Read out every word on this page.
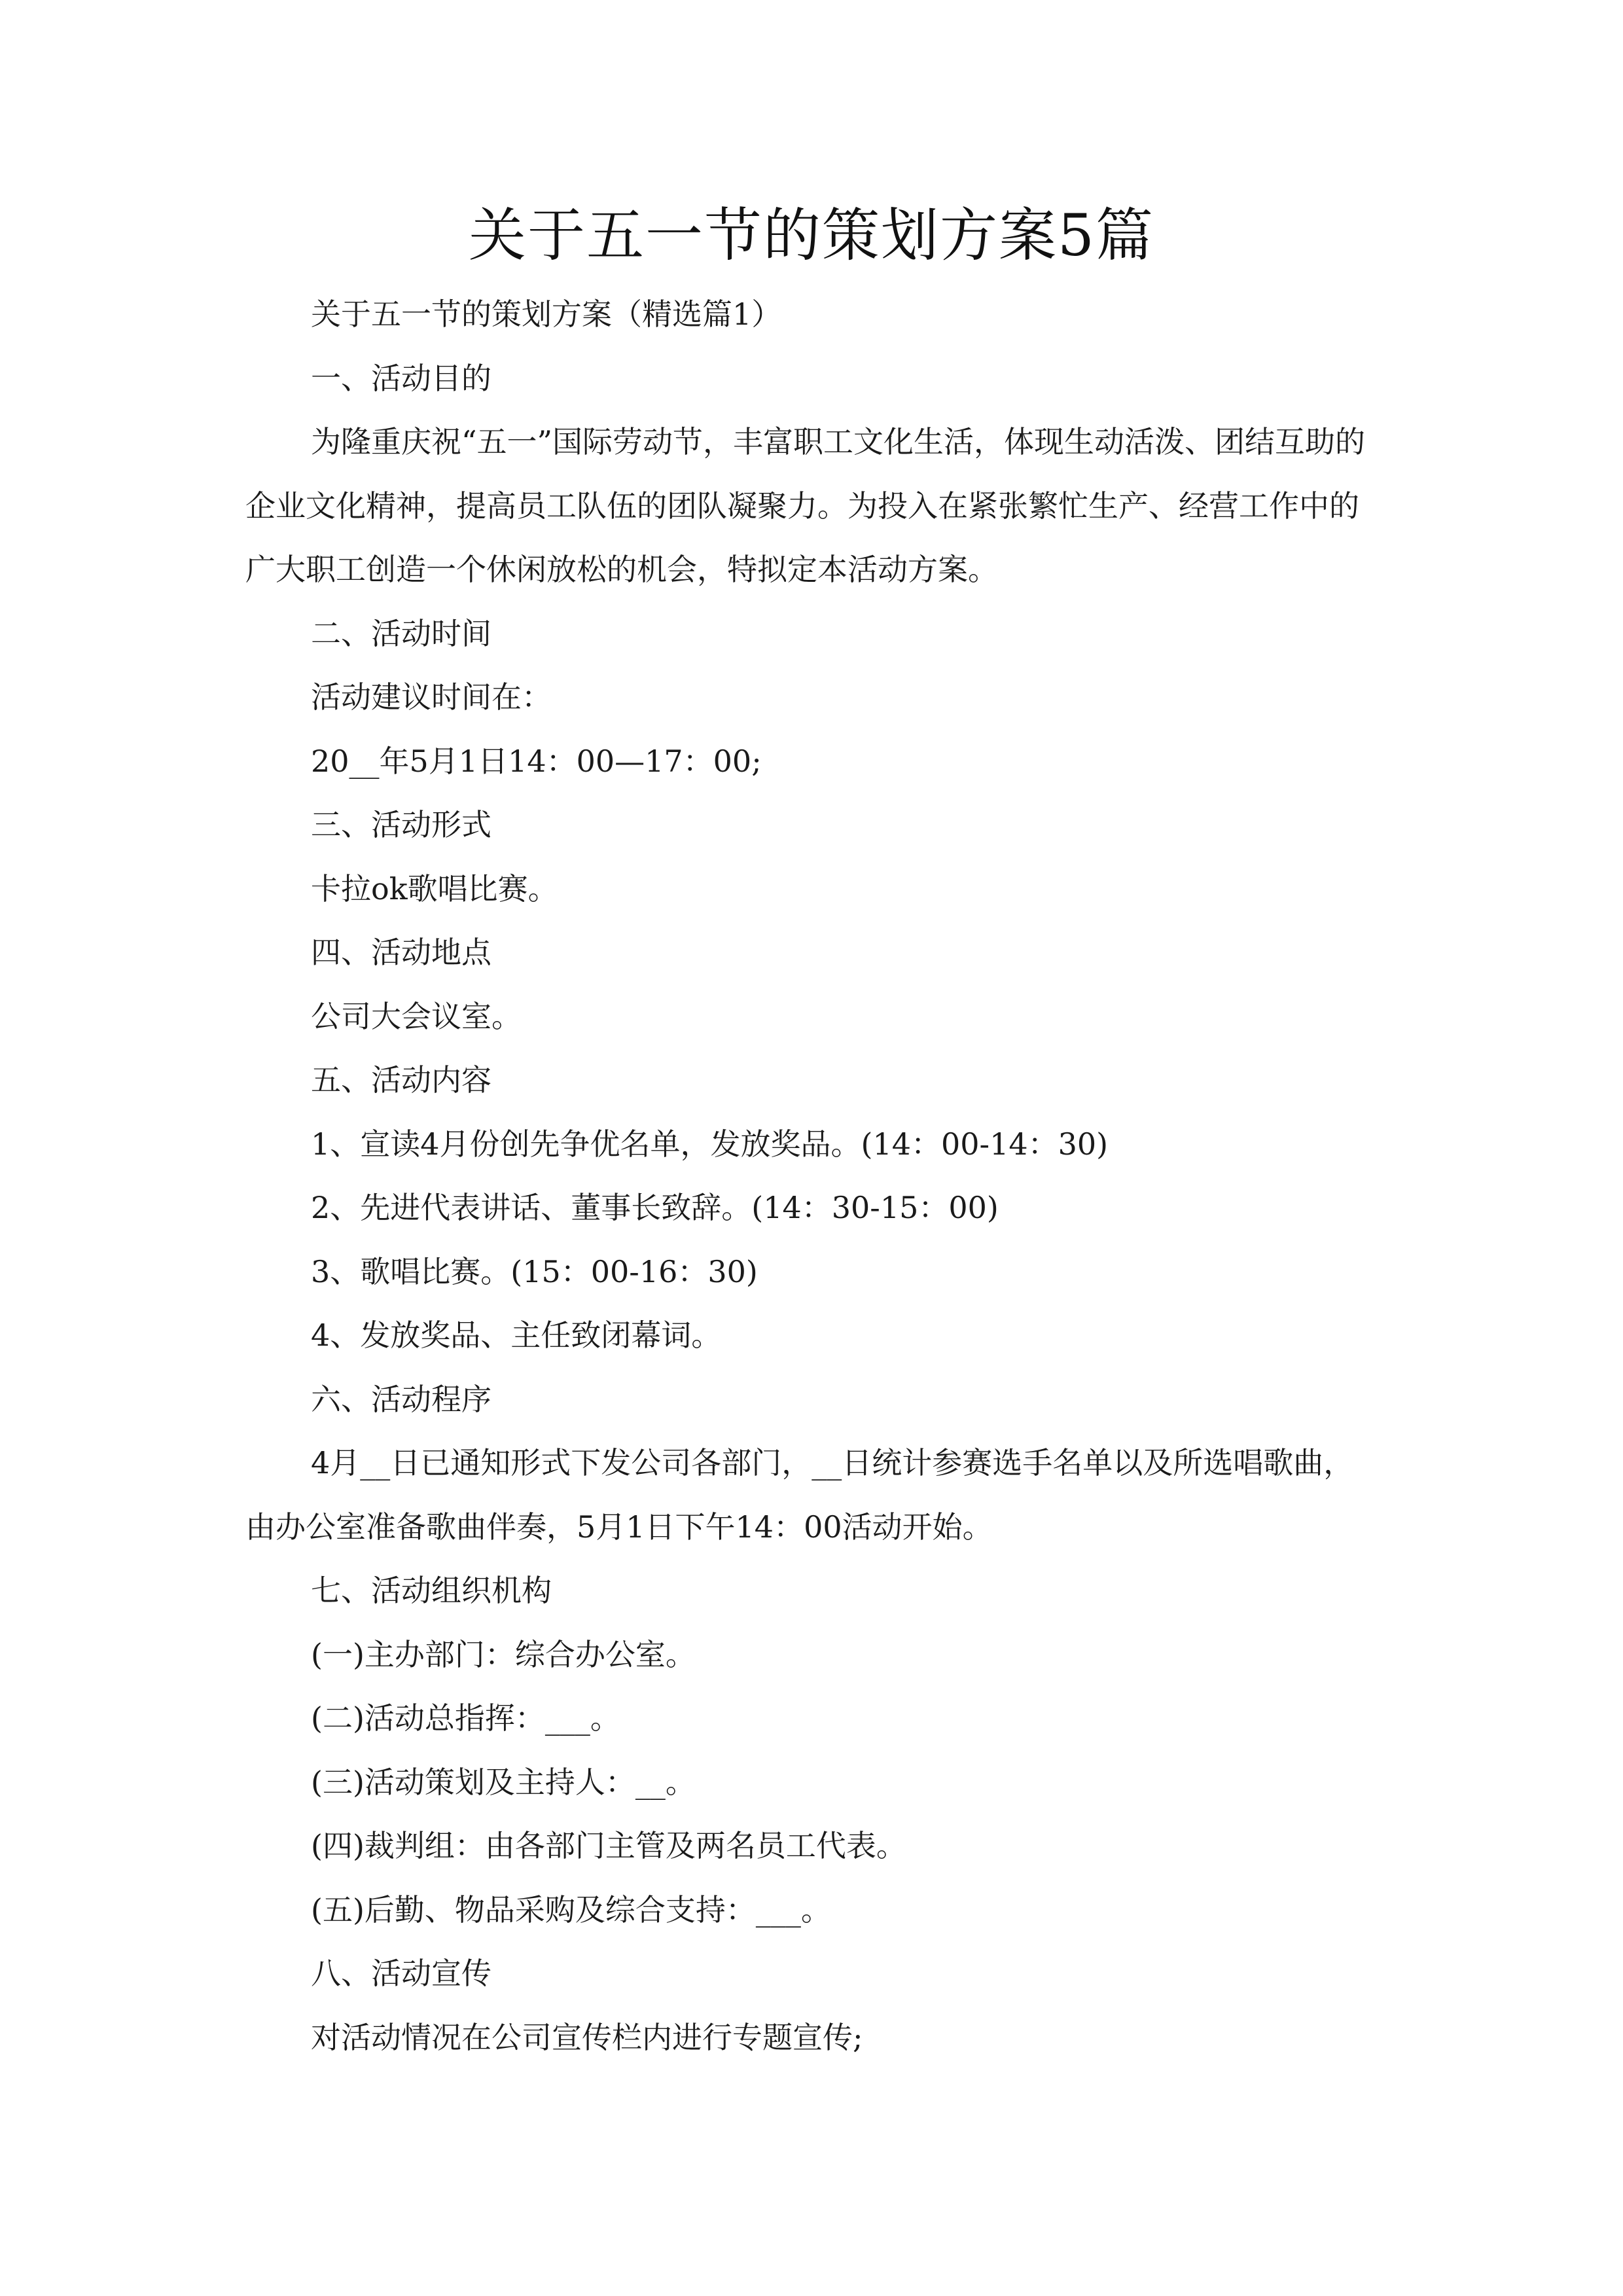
关于五一节的策划方案5篇

关于五一节的策划方案（精选篇1）

一、活动目的

为隆重庆祝“五一”国际劳动节，丰富职工文化生活，体现生动活泼、团结互助的企业文化精神，提高员工队伍的团队凝聚力。为投入在紧张繁忙生产、经营工作中的广大职工创造一个休闲放松的机会，特拟定本活动方案。

二、活动时间

活动建议时间在：

20__年5月1日14：00—17：00;

三、活动形式

卡拉ok歌唱比赛。

四、活动地点

公司大会议室。

五、活动内容

1、宣读4月份创先争优名单，发放奖品。(14：00-14：30)

2、先进代表讲话、董事长致辞。(14：30-15：00)

3、歌唱比赛。(15：00-16：30)

4、发放奖品、主任致闭幕词。

六、活动程序

4月__日已通知形式下发公司各部门，__日统计参赛选手名单以及所选唱歌曲，由办公室准备歌曲伴奏，5月1日下午14：00活动开始。

七、活动组织机构

(一)主办部门：综合办公室。

(二)活动总指挥：___。

(三)活动策划及主持人：__。

(四)裁判组：由各部门主管及两名员工代表。

(五)后勤、物品采购及综合支持：___。

八、活动宣传

对活动情况在公司宣传栏内进行专题宣传;
